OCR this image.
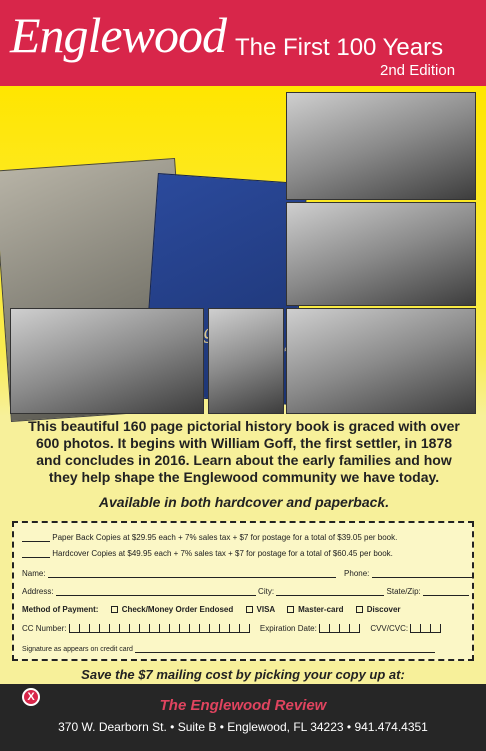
Englewood The First 100 Years
2nd Edition
This beautiful 160 page pictorial history book is graced with over 600 photos. It begins with William Goff, the first settler, in 1878 and concludes in 2016. Learn about the early families and how they help shape the Englewood community we have today.
Available in both hardcover and paperback.
Paper Back Copies at $29.95 each + 7% sales tax + $7 for postage for a total of $39.05 per book.
Hardcover Copies at $49.95 each + 7% sales tax + $7 for postage for a total of $60.45 per book.
Name:	Phone:
Address:	City:	State/Zip:
Method of Payment:	Check/Money Order Endosed	VISA	Master-card	Discover
CC Number:	Expiration Date:	CVV/CVC:
Signature as appears on credit card
Save the $7 mailing cost by picking your copy up at:
X	The Englewood Review
370 W. Dearborn St. • Suite B • Englewood, FL 34223 • 941.474.4351
